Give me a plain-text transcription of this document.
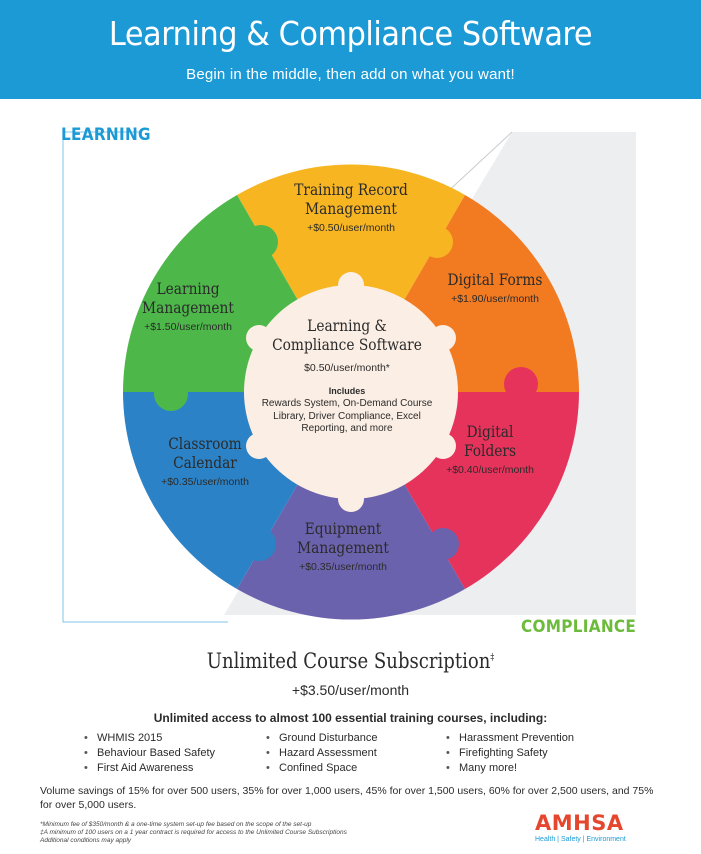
Learning & Compliance Software
Begin in the middle, then add on what you want!
LEARNING
COMPLIANCE
Training Record
Management
+$0.50/user/month
Digital Forms
+$1.90/user/month
Digital
Folders
+$0.40/user/month
Equipment
Management
+$0.35/user/month
Classroom
Calendar
+$0.35/user/month
Learning
Management
+$1.50/user/month	Learning &
Compliance Software
$0.50/user/month*
Includes
Rewards System, On-Demand Course Library, Driver Compliance, Excel Reporting, and more
Unlimited Course Subscription‡
+$3.50/user/month
Unlimited access to almost 100 essential training courses, including:
• WHMIS 2015
• Behaviour Based Safety
• First Aid Awareness
• Ground Disturbance
• Hazard Assessment
• Confined Space
• Harassment Prevention
• Firefighting Safety
• Many more!
Volume savings of 15% for over 500 users, 35% for over 1,000 users, 45% for over 1,500 users, 60% for over 2,500 users, and 75% for over 5,000 users.
*Minimum fee of $350/month & a one-time system set-up fee based on the scope of the set-up
‡A minimum of 100 users on a 1 year contract is required for access to the Unlimited Course Subscriptions
Additional conditions may apply
AMHSA
Health | Safety | Environment
